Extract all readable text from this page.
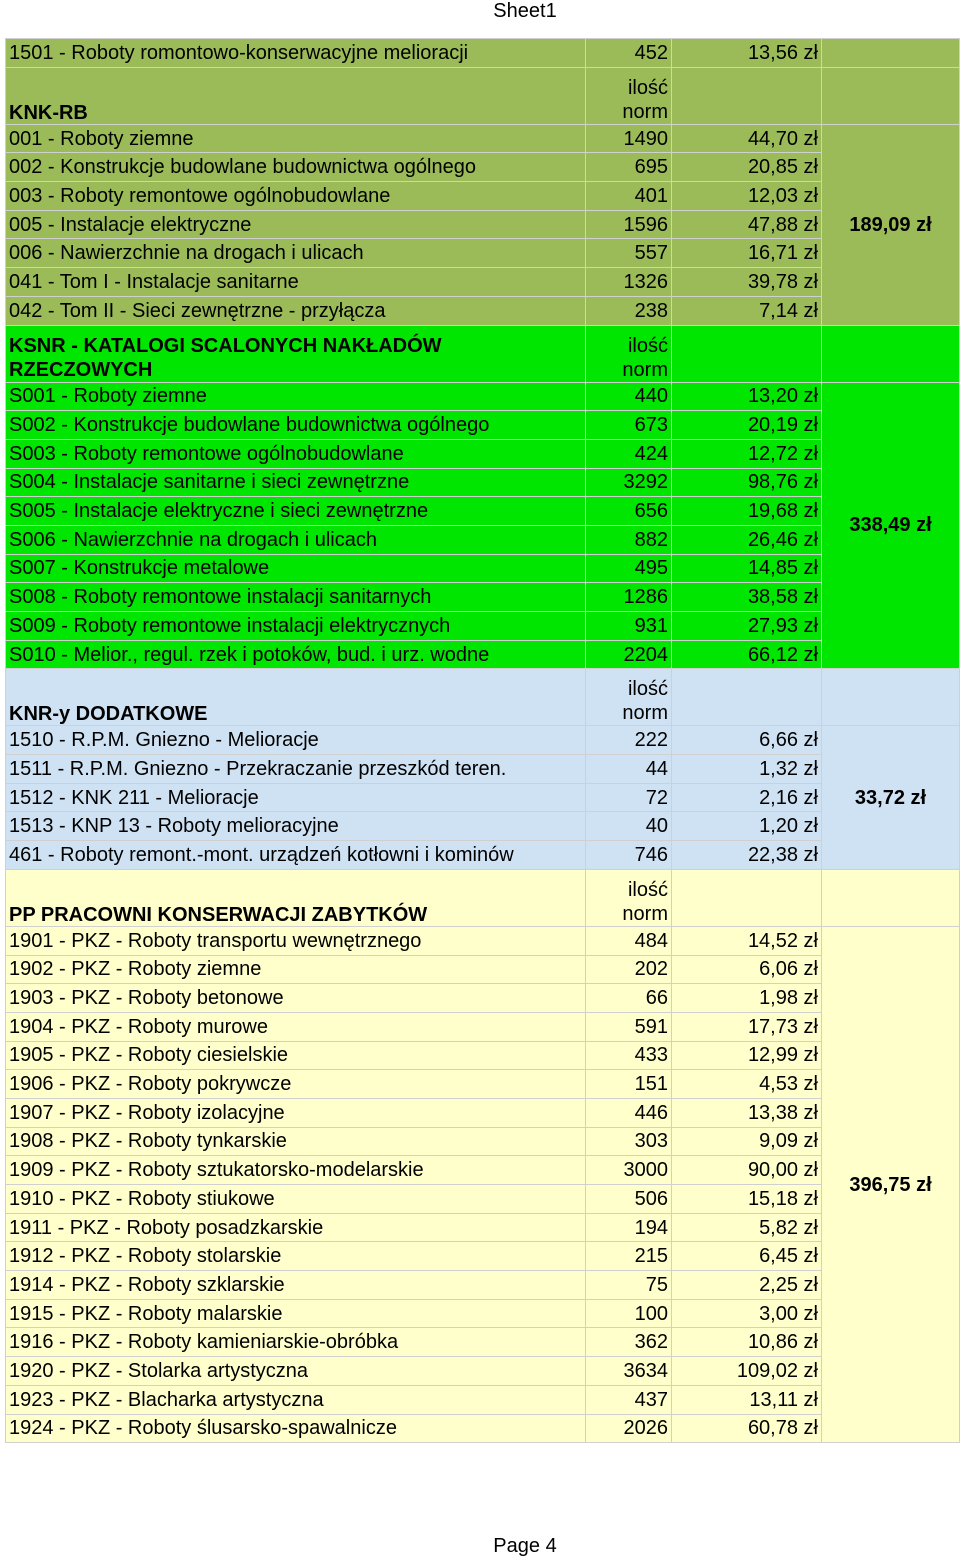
Sheet1
1501 - Roboty romontowo-konserwacyjne melioracji	452	13,56 zł	
KNK-RB	ilość norm		
001 - Roboty ziemne	1490	44,70 zł	189,09 zł
002 - Konstrukcje budowlane budownictwa ogólnego	695	20,85 zł	
003 - Roboty remontowe ogólnobudowlane	401	12,03 zł	
005 - Instalacje elektryczne	1596	47,88 zł	
006 - Nawierzchnie na drogach i ulicach	557	16,71 zł	
041 - Tom I - Instalacje sanitarne	1326	39,78 zł	
042 - Tom II - Sieci zewnętrzne - przyłącza	238	7,14 zł	
KSNR - KATALOGI SCALONYCH NAKŁADÓW RZECZOWYCH	ilość norm		
S001 - Roboty ziemne	440	13,20 zł	338,49 zł
S002 - Konstrukcje budowlane budownictwa ogólnego	673	20,19 zł	
S003 - Roboty remontowe ogólnobudowlane	424	12,72 zł	
S004 - Instalacje sanitarne i sieci zewnętrzne	3292	98,76 zł	
S005 - Instalacje elektryczne i sieci zewnętrzne	656	19,68 zł	
S006 - Nawierzchnie na drogach i ulicach	882	26,46 zł	
S007 - Konstrukcje metalowe	495	14,85 zł	
S008 - Roboty remontowe instalacji sanitarnych	1286	38,58 zł	
S009 - Roboty remontowe instalacji elektrycznych	931	27,93 zł	
S010 - Melior., regul. rzek i potoków, bud. i urz. wodne	2204	66,12 zł	
KNR-y DODATKOWE	ilość norm		
1510 - R.P.M. Gniezno - Melioracje	222	6,66 zł	33,72 zł
1511 - R.P.M. Gniezno - Przekraczanie przeszkód teren.	44	1,32 zł	
1512 - KNK 211 - Melioracje	72	2,16 zł	
1513 - KNP 13 - Roboty melioracyjne	40	1,20 zł	
461 - Roboty remont.-mont. urządzeń kotłowni i kominów	746	22,38 zł	
PP PRACOWNI KONSERWACJI ZABYTKÓW	ilość norm		
1901 - PKZ - Roboty transportu wewnętrznego	484	14,52 zł	396,75 zł
1902 - PKZ - Roboty ziemne	202	6,06 zł	
1903 - PKZ - Roboty betonowe	66	1,98 zł	
1904 - PKZ - Roboty murowe	591	17,73 zł	
1905 - PKZ - Roboty ciesielskie	433	12,99 zł	
1906 - PKZ - Roboty pokrywcze	151	4,53 zł	
1907 - PKZ - Roboty izolacyjne	446	13,38 zł	
1908 - PKZ - Roboty tynkarskie	303	9,09 zł	
1909 - PKZ - Roboty sztukatorsko-modelarskie	3000	90,00 zł	
1910 - PKZ - Roboty stiukowe	506	15,18 zł	
1911 - PKZ - Roboty posadzkarskie	194	5,82 zł	
1912 - PKZ - Roboty stolarskie	215	6,45 zł	
1914 - PKZ - Roboty szklarskie	75	2,25 zł	
1915 - PKZ - Roboty malarskie	100	3,00 zł	
1916 - PKZ - Roboty kamieniarskie-obróbka	362	10,86 zł	
1920 - PKZ - Stolarka artystyczna	3634	109,02 zł	
1923 - PKZ - Blacharka artystyczna	437	13,11 zł	
1924 - PKZ - Roboty ślusarsko-spawalnicze	2026	60,78 zł	
Page 4
